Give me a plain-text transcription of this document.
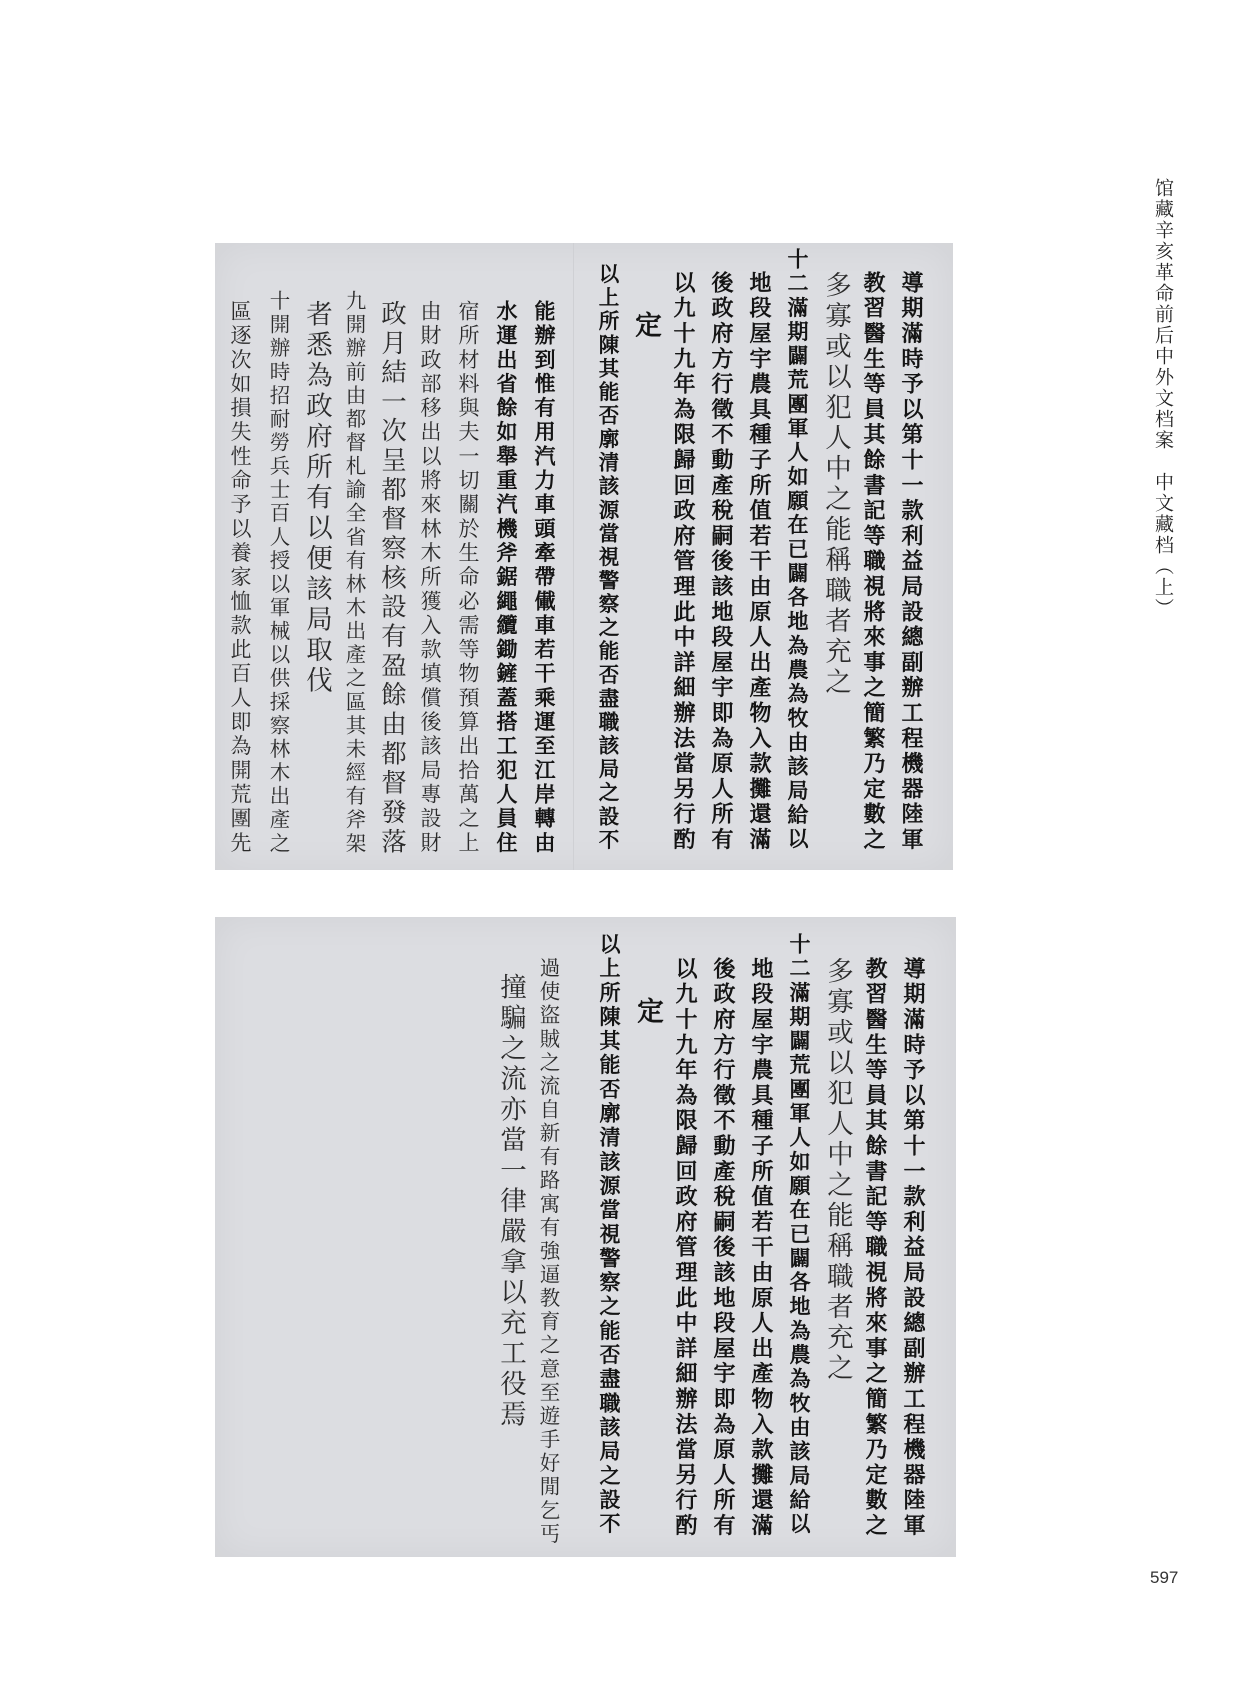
馆藏辛亥革命前后中外文档案　中文藏档（上）
導期滿時予以第十一款利益局設總副辦工程機器陸軍
教習醫生等員其餘書記等職視將來事之簡繁乃定數之
多寡或以犯人中之能稱職者充之
十二滿期闢荒團軍人如願在已闢各地為農為牧由該局給以
地段屋宇農具種子所值若干由原人出產物入款攤還滿
後政府方行徵不動產稅嗣後該地段屋宇即為原人所有
以九十九年為限歸回政府管理此中詳細辦法當另行酌
定
以上所陳其能否廓清該源當視警察之能否盡職該局之設不
能辦到惟有用汽力車頭牽帶儎車若干乘運至江岸轉由
水運出省餘如舉重汽機斧鋸繩纜鋤鏟蓋搭工犯人員住
宿所材料與夫一切關於生命必需等物預算出拾萬之上
由財政部移出以將來林木所獲入款填償後該局專設財
政月結一次呈都督察核設有盈餘由都督發落
九開辦前由都督札諭全省有林木出產之區其未經有斧架
者悉為政府所有以便該局取伐
十開辦時招耐勞兵士百人授以軍械以供採察林木出產之
區逐次如損失性命予以養家恤款此百人即為開荒團先
導期滿時予以第十一款利益局設總副辦工程機器陸軍
教習醫生等員其餘書記等職視將來事之簡繁乃定數之
多寡或以犯人中之能稱職者充之
十二滿期闢荒團軍人如願在已闢各地為農為牧由該局給以
地段屋宇農具種子所值若干由原人出產物入款攤還滿
後政府方行徵不動產稅嗣後該地段屋宇即為原人所有
以九十九年為限歸回政府管理此中詳細辦法當另行酌
定
以上所陳其能否廓清該源當視警察之能否盡職該局之設不
過使盜賊之流自新有路寓有強逼教育之意至遊手好閒乞丐
撞騙之流亦當一律嚴拿以充工役焉
597
